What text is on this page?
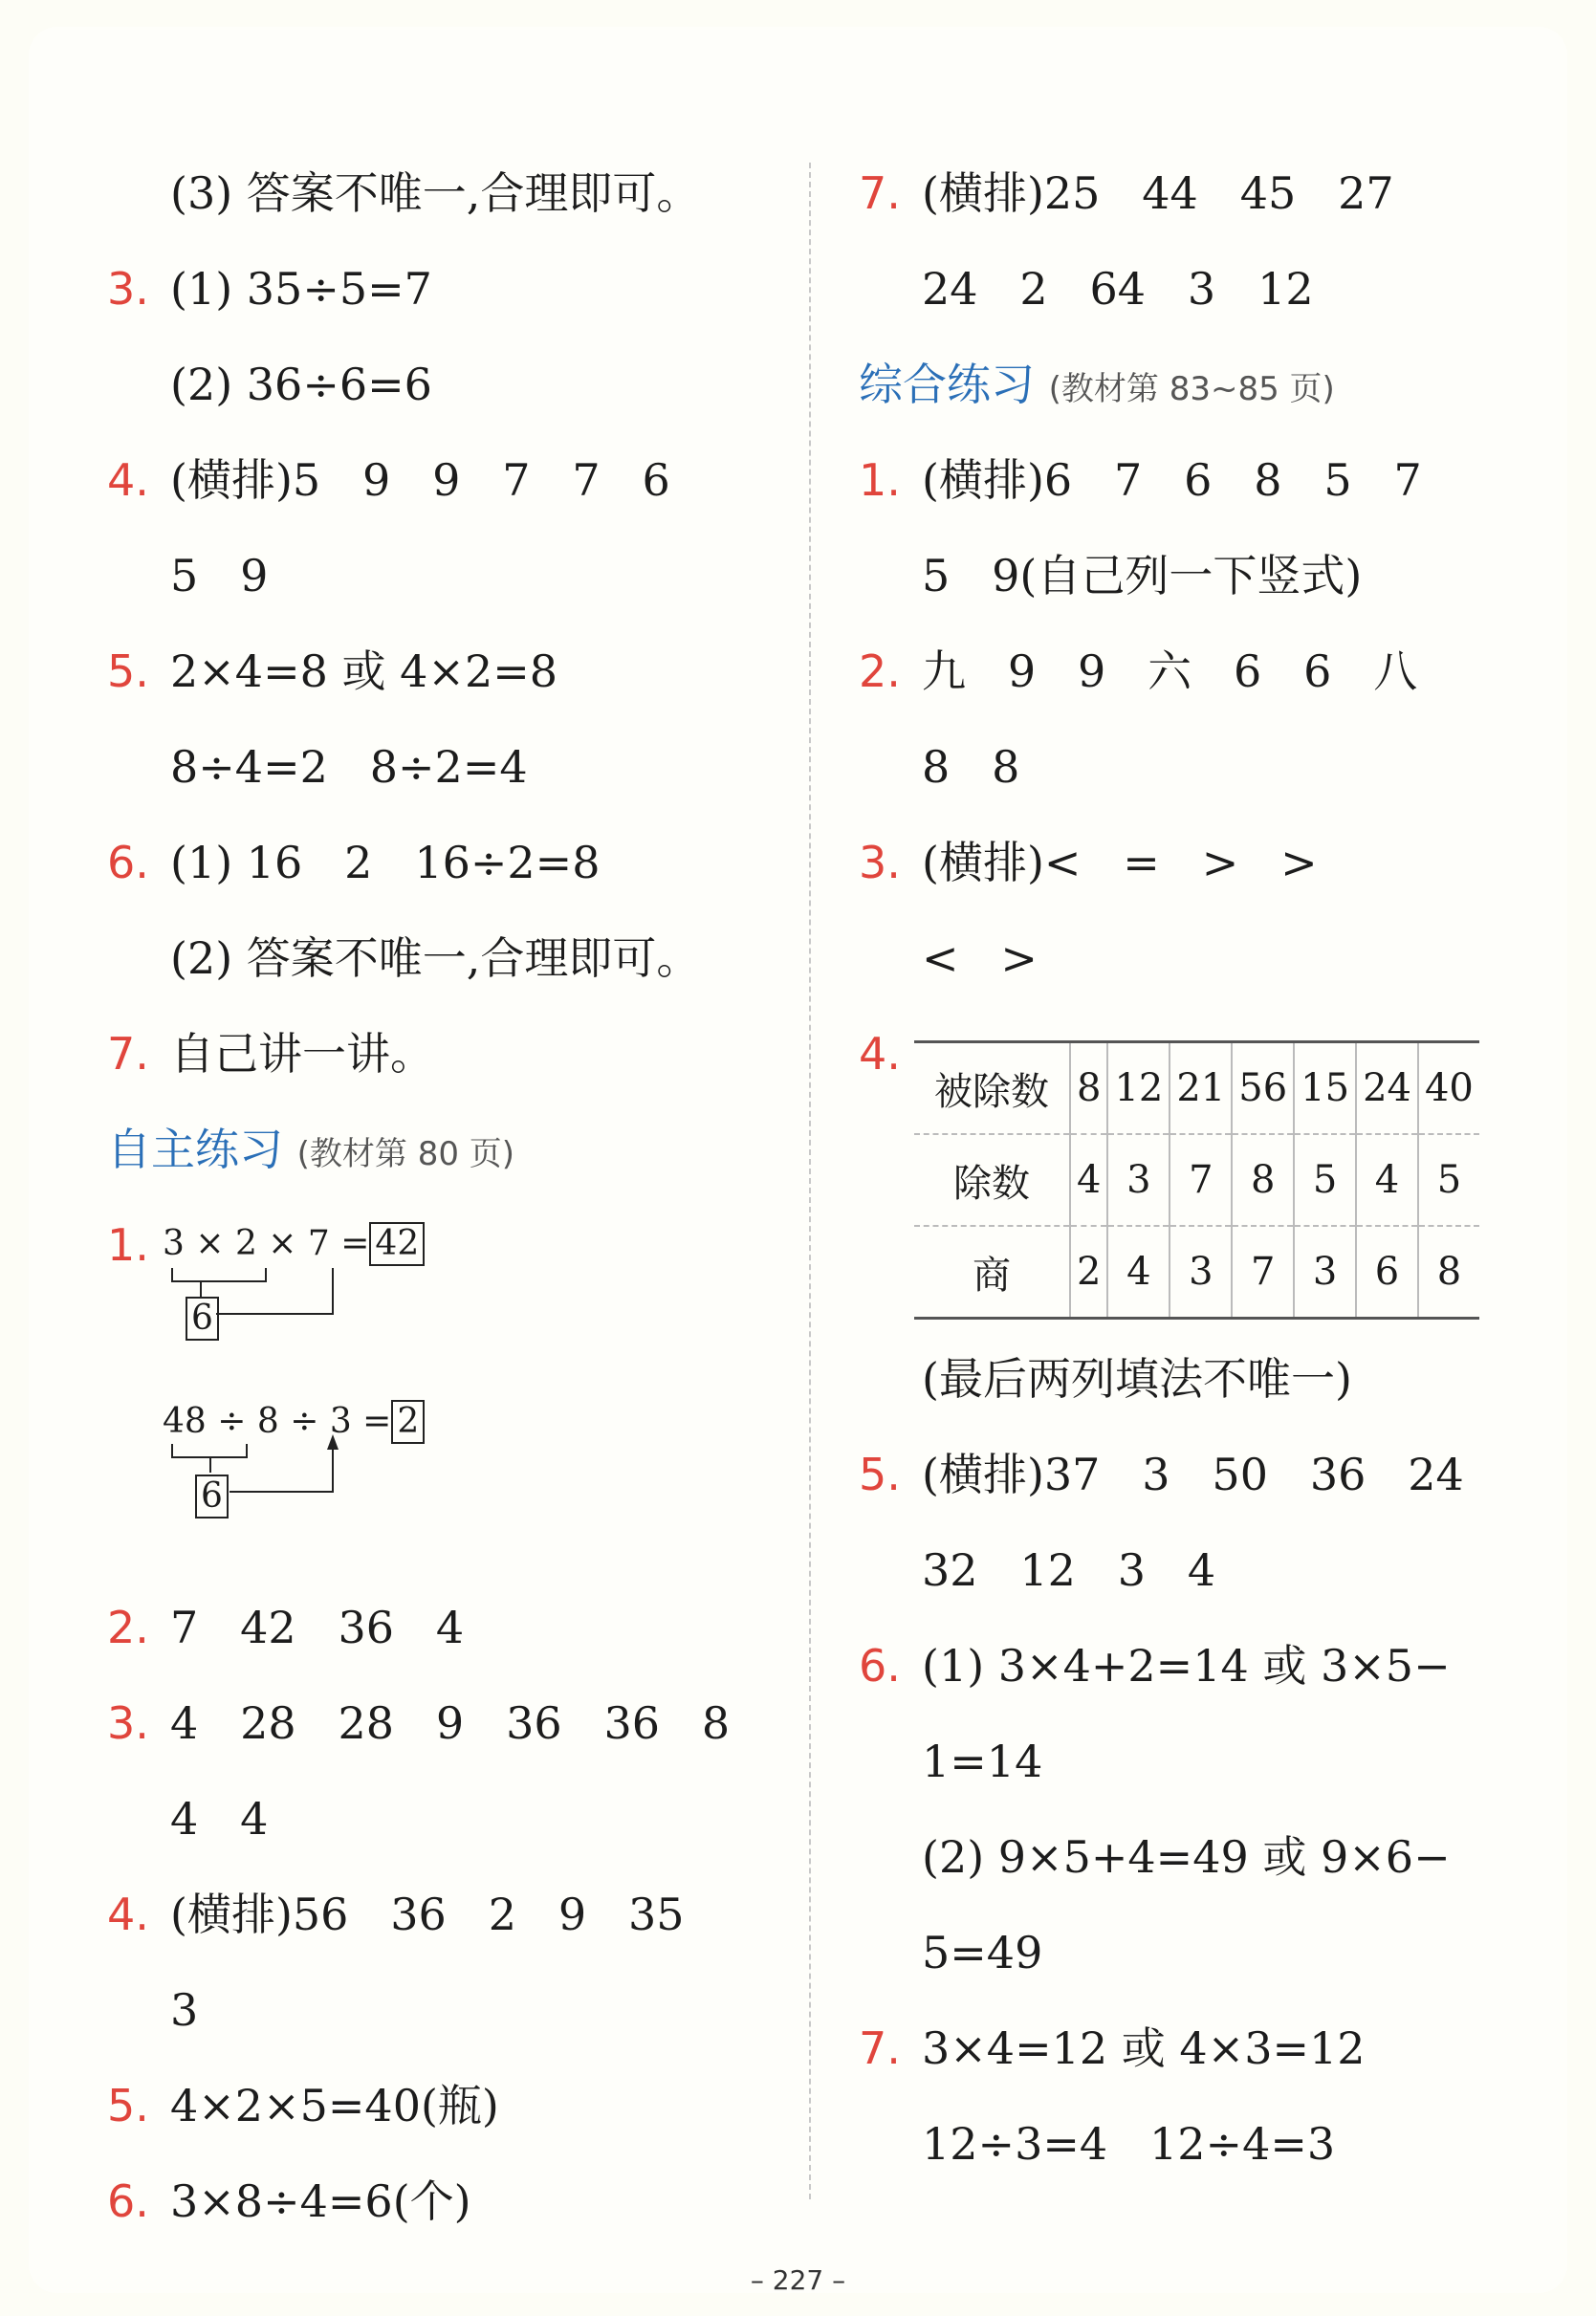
(3) 答案不唯一,合理即可。
3. (1) 35÷5=7
(2) 36÷6=6
4. (横排)5   9   9   7   7   6
5   9
5. 2×4=8 或 4×2=8
8÷4=2   8÷2=4
6. (1) 16   2   16÷2=8
(2) 答案不唯一,合理即可。
7. 自己讲一讲。
自主练习 (教材第 80 页)
1. 3 × 2 × 7 = 42
6
48 ÷ 8 ÷ 3 = 2
6
2. 7   42   36   4
3. 4   28   28   9   36   36   8
4   4
4. (横排)56   36   2   9   35
3
5. 4×2×5=40(瓶)
6. 3×8÷4=6(个)
7. (横排)25   44   45   27
24   2   64   3   12
综合练习 (教材第 83~85 页)
1. (横排)6   7   6   8   5   7
5   9(自己列一下竖式)
2. 九   9   9   六   6   6   八
8   8
3. (横排)<   =   >   >
<   >
4.
被除数	8	12	21	56	15	24	40
除数	4	3	7	8	5	4	5
商	2	4	3	7	3	6	8
(最后两列填法不唯一)
5. (横排)37   3   50   36   24
32   12   3   4
6. (1) 3×4+2=14 或 3×5−
1=14
(2) 9×5+4=49 或 9×6−
5=49
7. 3×4=12 或 4×3=12
12÷3=4   12÷4=3
– 227 –
